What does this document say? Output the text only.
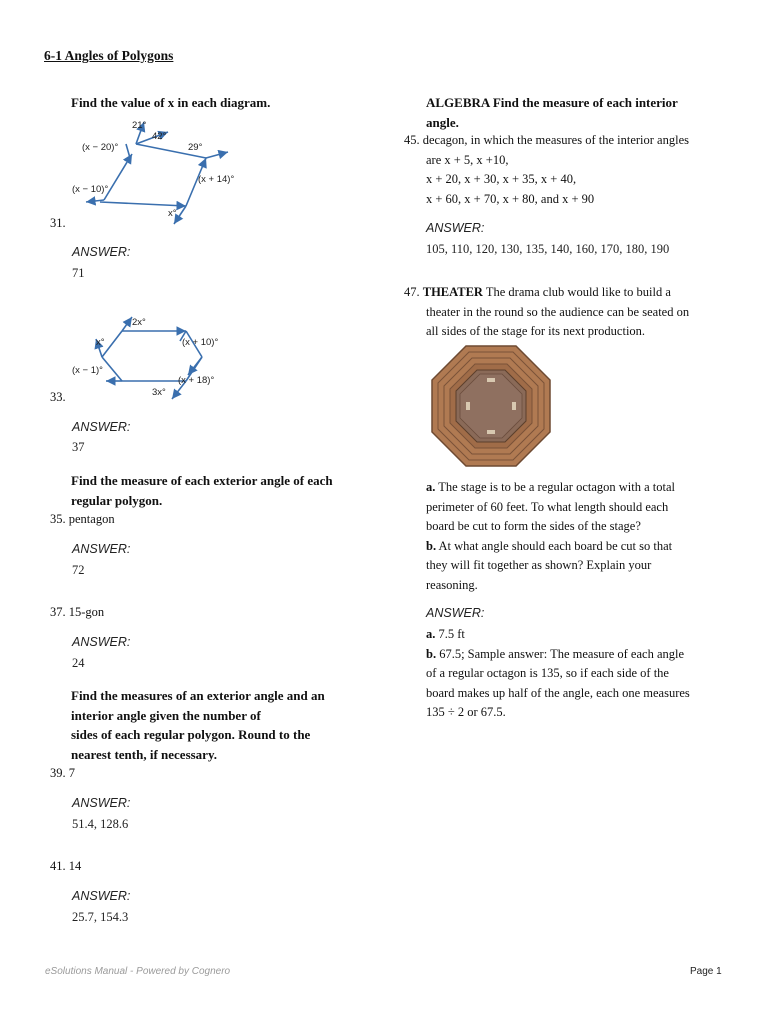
6-1 Angles of Polygons
Find the value of x in each diagram.
21°
42°
(x − 20)°	29°
(x + 14)°
(x − 10)°
x°
31.
ANSWER:
71
2x°
x°	(x + 10)°
(x − 1)°
(x + 18)°
3x°
33.
ANSWER:
37
Find the measure of each exterior angle of each regular polygon.
35. pentagon
ANSWER:
72
37. 15-gon
ANSWER:
24
Find the measures of an exterior angle and an
interior angle given the number of
sides of each regular polygon. Round to the
nearest tenth, if necessary.
39. 7
ANSWER:
51.4, 128.6
41. 14
ANSWER:
25.7, 154.3
ALGEBRA Find the measure of each interior
angle.
45. decagon, in which the measures of the interior angles
are x + 5, x +10,
x + 20, x + 30, x + 35, x + 40,
x + 60, x + 70, x + 80, and x + 90
ANSWER:
105, 110, 120, 130, 135, 140, 160, 170, 180, 190
47. THEATER The drama club would like to build a
theater in the round so the audience can be seated on
all sides of the stage for its next production.
a. The stage is to be a regular octagon with a total
perimeter of 60 feet. To what length should each
board be cut to form the sides of the stage?
b. At what angle should each board be cut so that
they will fit together as shown? Explain your
reasoning.
ANSWER:
a. 7.5 ft
b. 67.5; Sample answer: The measure of each angle
of a regular octagon is 135, so if each side of the
board makes up half of the angle, each one measures
135 ÷ 2 or 67.5.
eSolutions Manual - Powered by Cognero	Page 1
